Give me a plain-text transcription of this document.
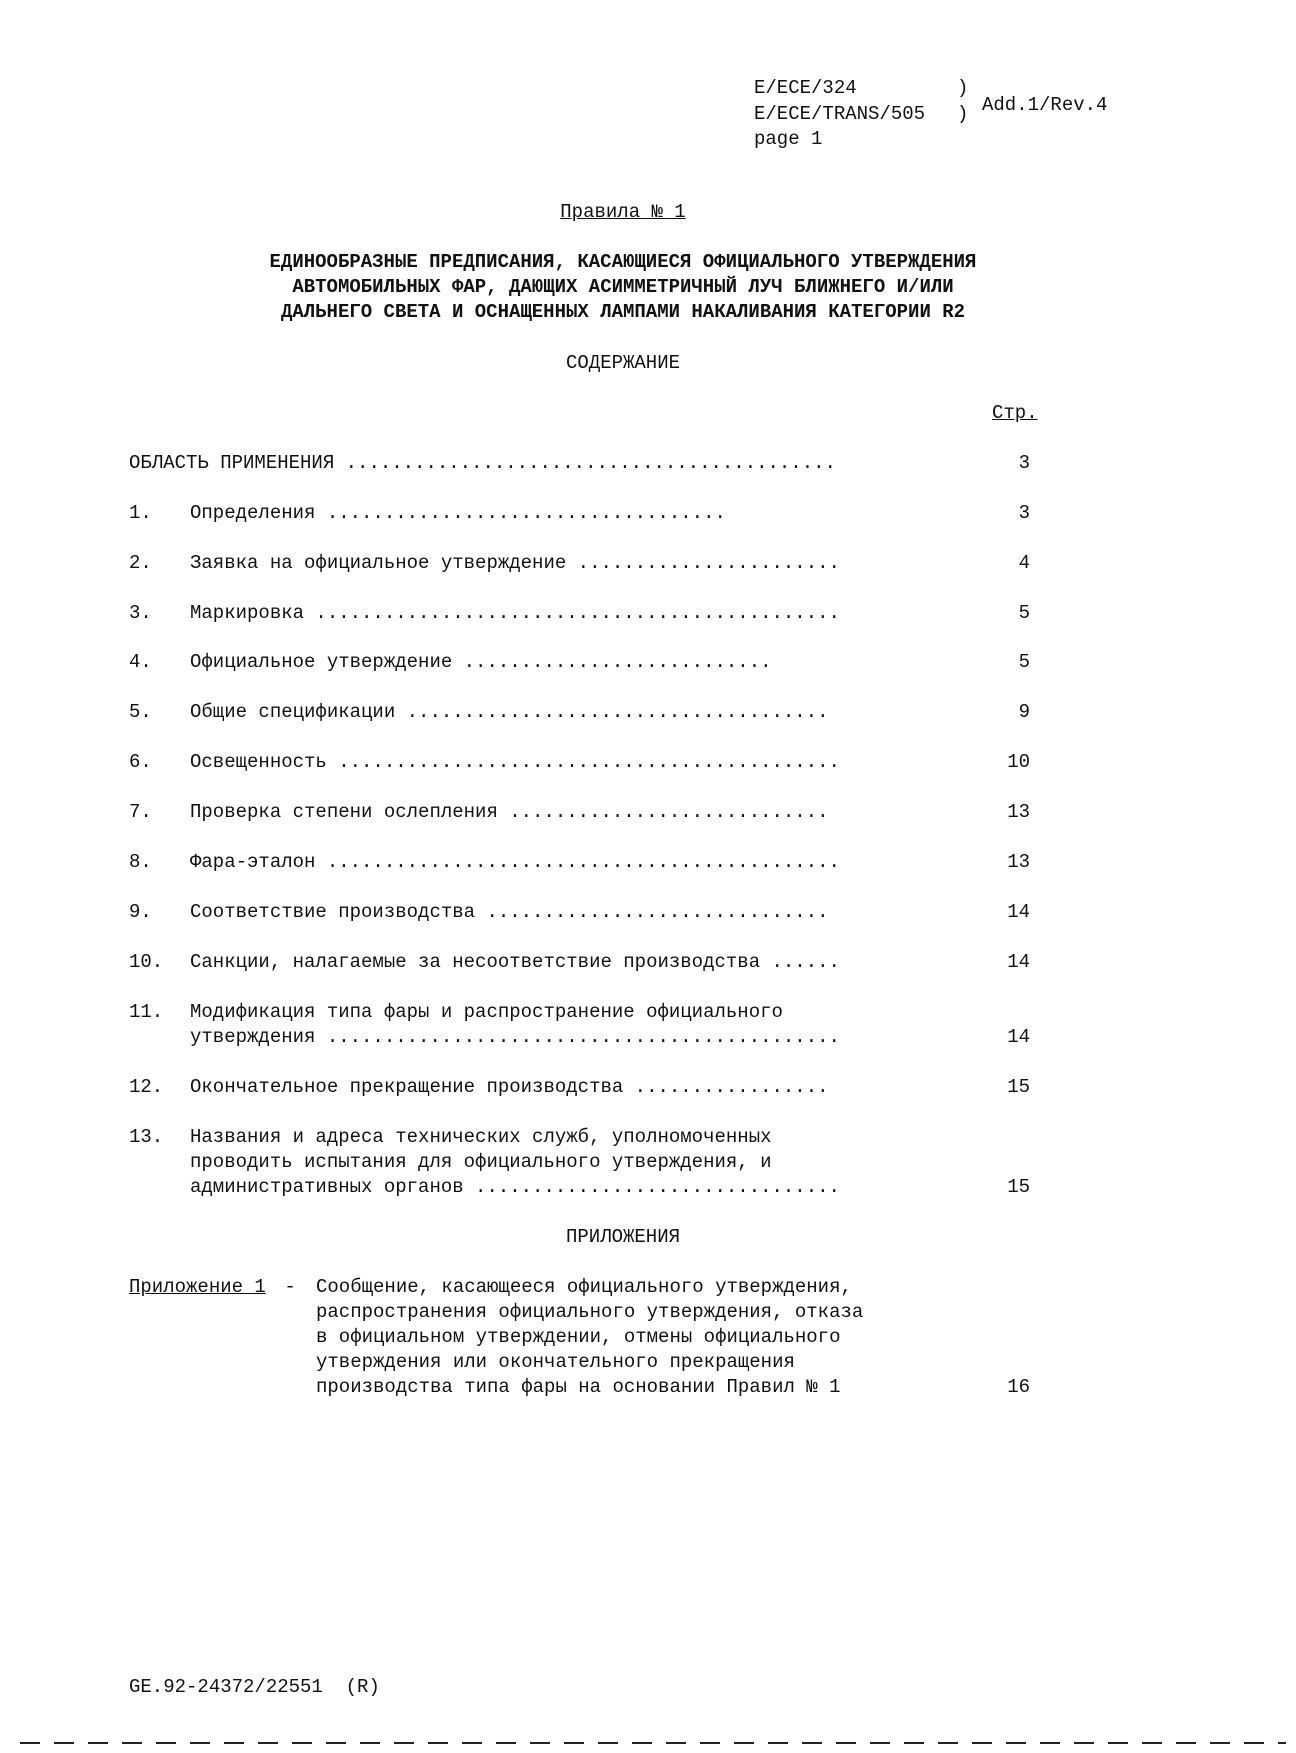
E/ECE/324
E/ECE/TRANS/505
)
) Add.1/Rev.4
page 1
Правила № 1
ЕДИНООБРАЗНЫЕ ПРЕДПИСАНИЯ, КАСАЮЩИЕСЯ ОФИЦИАЛЬНОГО УТВЕРЖДЕНИЯ
АВТОМОБИЛЬНЫХ ФАР, ДАЮЩИХ АСИММЕТРИЧНЫЙ ЛУЧ БЛИЖНЕГО И/ИЛИ
ДАЛЬНЕГО СВЕТА И ОСНАЩЕННЫХ ЛАМПАМИ НАКАЛИВАНИЯ КАТЕГОРИИ R2
СОДЕРЖАНИЕ
Стр.
ОБЛАСТЬ ПРИМЕНЕНИЯ ...........................................	3
1. Определения ...................................	3
2. Заявка на официальное утверждение .......................	4
3. Маркировка ..............................................	5
4. Официальное утверждение ...........................	5
5. Общие спецификации .....................................	9
6. Освещенность ............................................	10
7. Проверка степени ослепления ............................	13
8. Фара-эталон .............................................	13
9. Соответствие производства ..............................	14
10. Санкции, налагаемые за несоответствие производства ......	14
11. Модификация типа фары и распространение официального
утверждения .............................................	14
12. Окончательное прекращение производства .................	15
13. Названия и адреса технических служб, уполномоченных
проводить испытания для официального утверждения, и
административных органов ................................	15
ПРИЛОЖЕНИЯ
Приложение 1 - Сообщение, касающееся официального утверждения,
распространения официального утверждения, отказа
в официальном утверждении, отмены официального
утверждения или окончательного прекращения
производства типа фары на основании Правил № 1	16
GE.92-24372/22551  (R)
